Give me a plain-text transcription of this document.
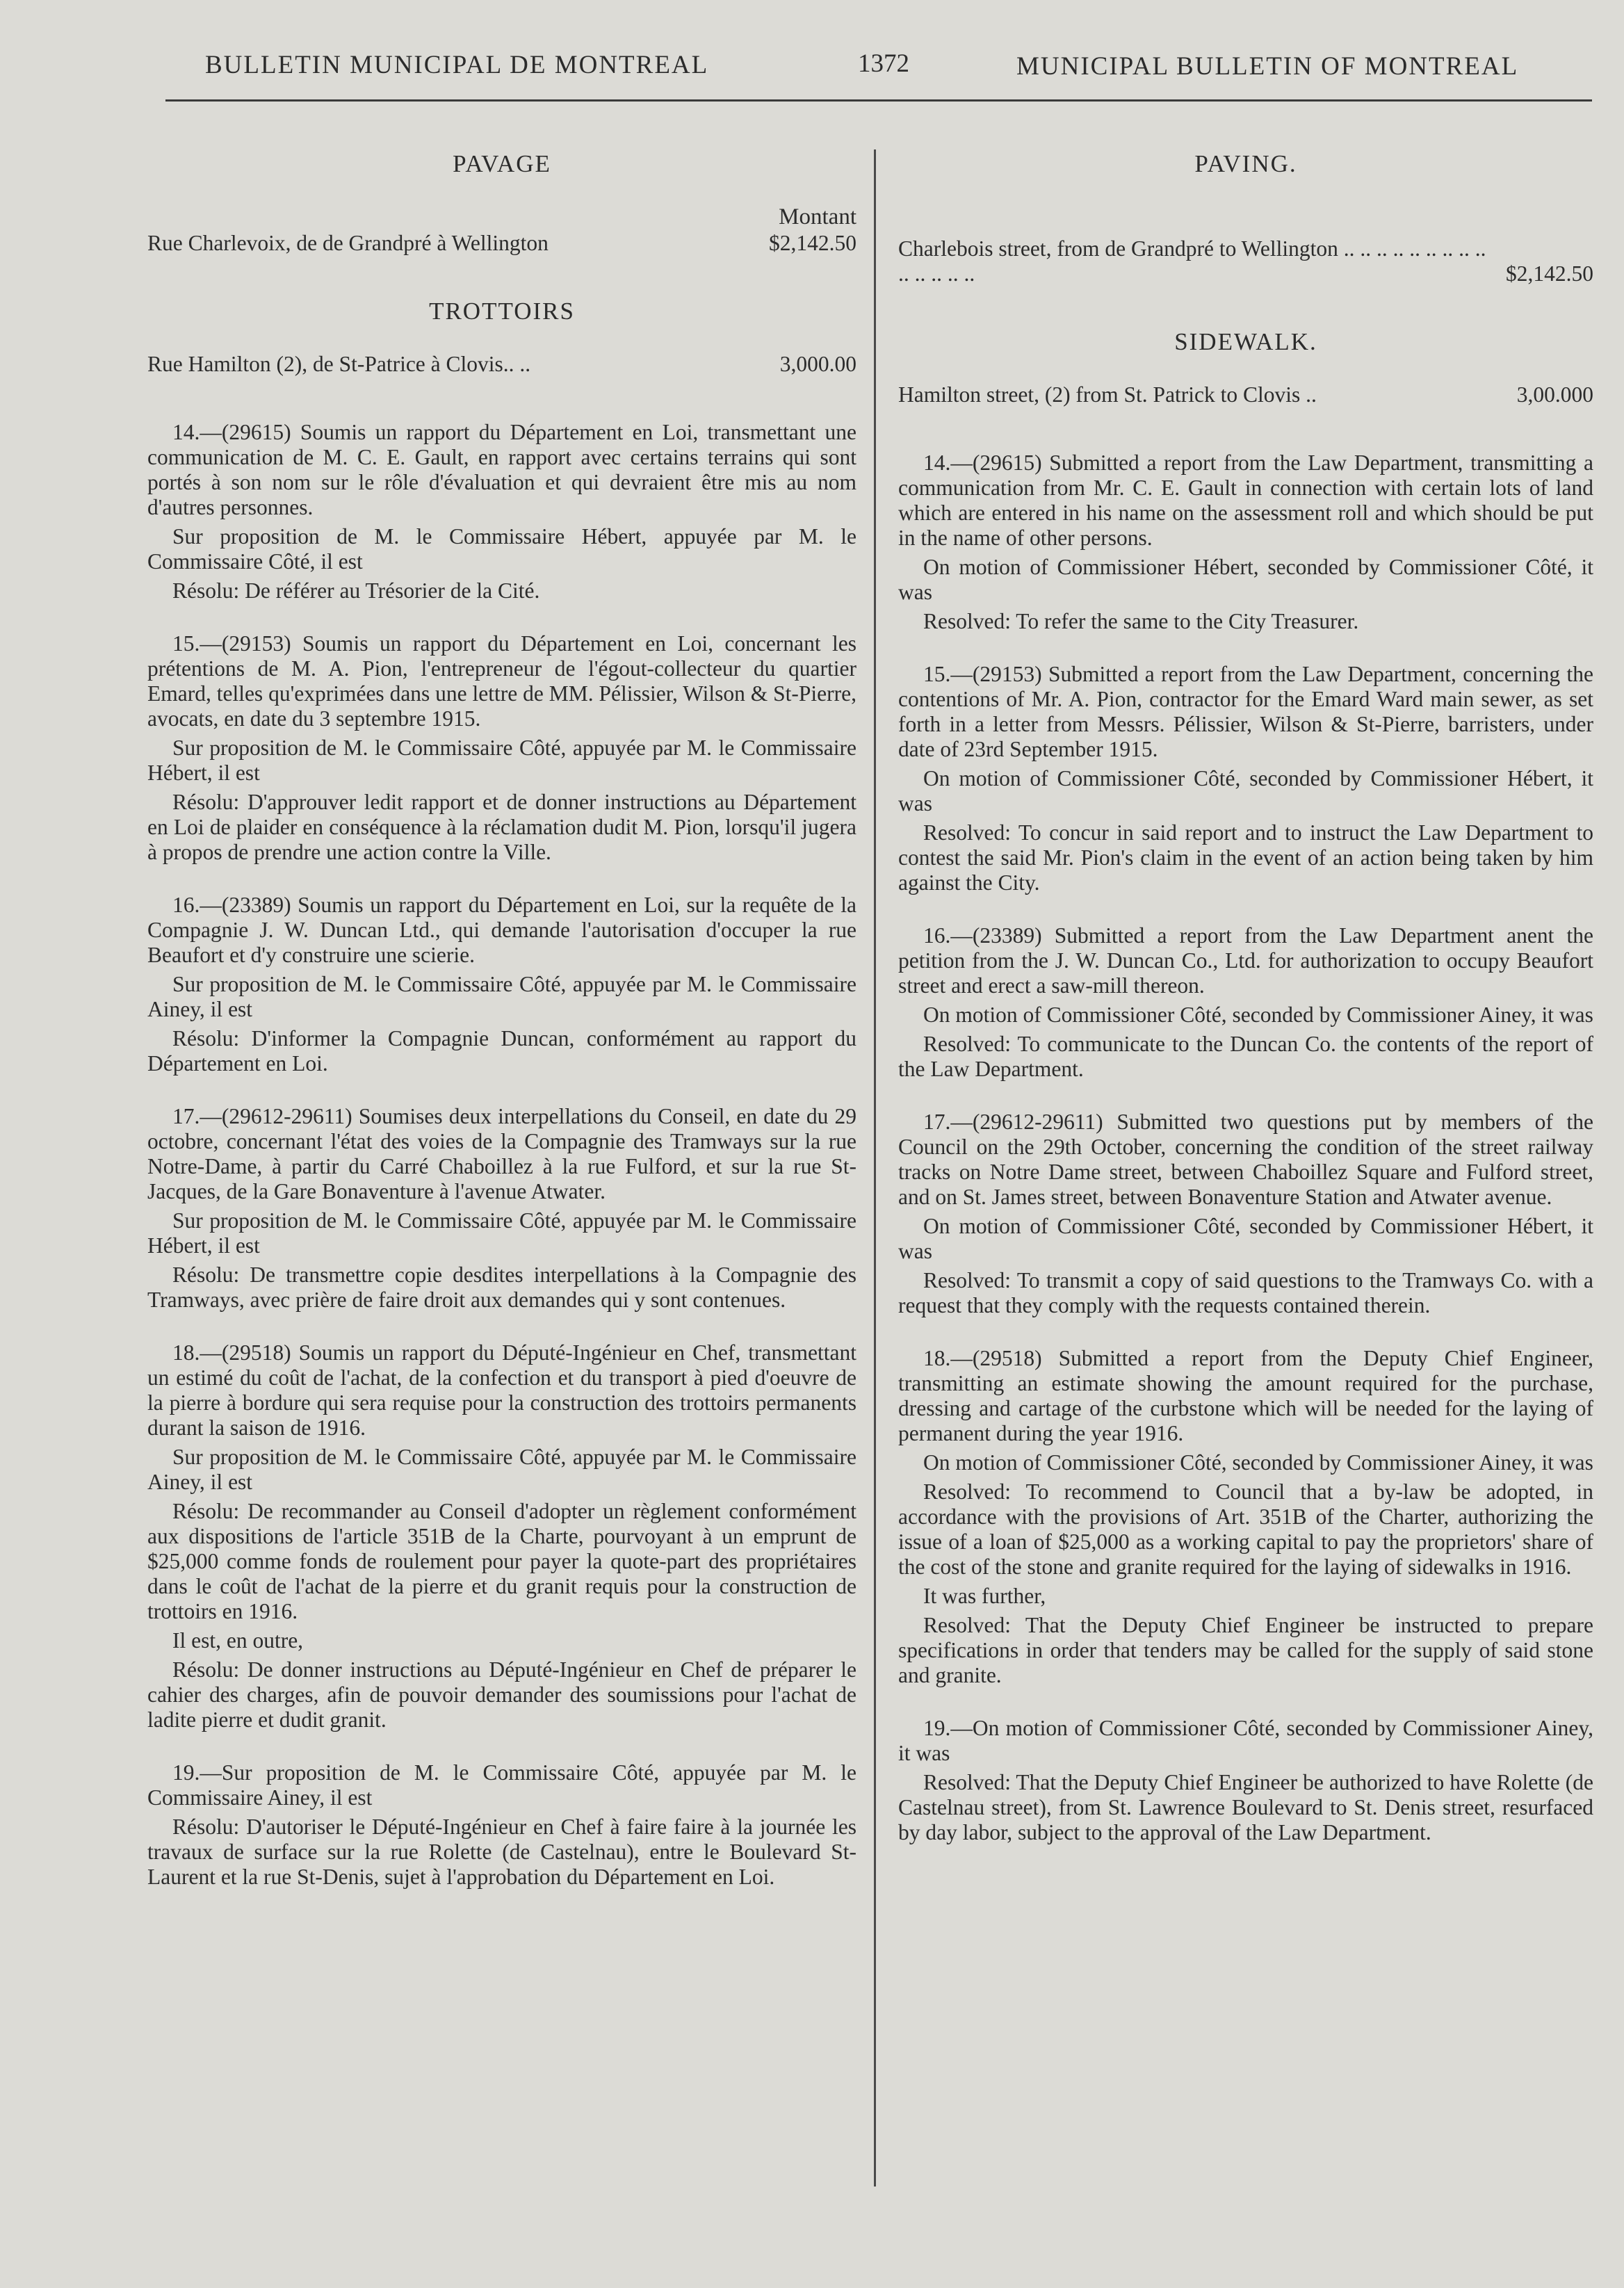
BULLETIN MUNICIPAL DE MONTREAL	1372	MUNICIPAL BULLETIN OF MONTREAL
PAVAGE
Montant
Rue Charlevoix, de de Grandpré à Wellington	$2,142.50
TROTTOIRS
Rue Hamilton (2), de St-Patrice à Clovis.. ..	3,000.00

14.—(29615) Soumis un rapport du Département en Loi, transmettant une communication de M. C. E. Gault, en rapport avec certains terrains qui sont portés à son nom sur le rôle d'évaluation et qui devraient être mis au nom d'autres personnes.

Sur proposition de M. le Commissaire Hébert, appuyée par M. le Commissaire Côté, il est

Résolu: De référer au Trésorier de la Cité.

15.—(29153) Soumis un rapport du Département en Loi, concernant les prétentions de M. A. Pion, l'entrepreneur de l'égout-collecteur du quartier Emard, telles qu'exprimées dans une lettre de MM. Pélissier, Wilson & St-Pierre, avocats, en date du 3 septembre 1915.

Sur proposition de M. le Commissaire Côté, appuyée par M. le Commissaire Hébert, il est

Résolu: D'approuver ledit rapport et de donner instructions au Département en Loi de plaider en conséquence à la réclamation dudit M. Pion, lorsqu'il jugera à propos de prendre une action contre la Ville.

16.—(23389) Soumis un rapport du Département en Loi, sur la requête de la Compagnie J. W. Duncan Ltd., qui demande l'autorisation d'occuper la rue Beaufort et d'y construire une scierie.

Sur proposition de M. le Commissaire Côté, appuyée par M. le Commissaire Ainey, il est

Résolu: D'informer la Compagnie Duncan, conformément au rapport du Département en Loi.

17.—(29612-29611) Soumises deux interpellations du Conseil, en date du 29 octobre, concernant l'état des voies de la Compagnie des Tramways sur la rue Notre-Dame, à partir du Carré Chaboillez à la rue Fulford, et sur la rue St-Jacques, de la Gare Bonaventure à l'avenue Atwater.

Sur proposition de M. le Commissaire Côté, appuyée par M. le Commissaire Hébert, il est

Résolu: De transmettre copie desdites interpellations à la Compagnie des Tramways, avec prière de faire droit aux demandes qui y sont contenues.

18.—(29518) Soumis un rapport du Député-Ingénieur en Chef, transmettant un estimé du coût de l'achat, de la confection et du transport à pied d'oeuvre de la pierre à bordure qui sera requise pour la construction des trottoirs permanents durant la saison de 1916.

Sur proposition de M. le Commissaire Côté, appuyée par M. le Commissaire Ainey, il est

Résolu: De recommander au Conseil d'adopter un règlement conformément aux dispositions de l'article 351B de la Charte, pourvoyant à un emprunt de $25,000 comme fonds de roulement pour payer la quote-part des propriétaires dans le coût de l'achat de la pierre et du granit requis pour la construction de trottoirs en 1916.

Il est, en outre,

Résolu: De donner instructions au Député-Ingénieur en Chef de préparer le cahier des charges, afin de pouvoir demander des soumissions pour l'achat de ladite pierre et dudit granit.

19.—Sur proposition de M. le Commissaire Côté, appuyée par M. le Commissaire Ainey, il est

Résolu: D'autoriser le Député-Ingénieur en Chef à faire faire à la journée les travaux de surface sur la rue Rolette (de Castelnau), entre le Boulevard St-Laurent et la rue St-Denis, sujet à l'approbation du Département en Loi.

PAVING.
Charlebois street, from de Grandpré to Wellington .. .. .. .. .. .. .. .. .. .. .. .. .. ..	$2,142.50
SIDEWALK.
Hamilton street, (2) from St. Patrick to Clovis ..	3,00.000

14.—(29615) Submitted a report from the Law Department, transmitting a communication from Mr. C. E. Gault in connection with certain lots of land which are entered in his name on the assessment roll and which should be put in the name of other persons.

On motion of Commissioner Hébert, seconded by Commissioner Côté, it was

Resolved: To refer the same to the City Treasurer.

15.—(29153) Submitted a report from the Law Department, concerning the contentions of Mr. A. Pion, contractor for the Emard Ward main sewer, as set forth in a letter from Messrs. Pélissier, Wilson & St-Pierre, barristers, under date of 23rd September 1915.

On motion of Commissioner Côté, seconded by Commissioner Hébert, it was

Resolved: To concur in said report and to instruct the Law Department to contest the said Mr. Pion's claim in the event of an action being taken by him against the City.

16.—(23389) Submitted a report from the Law Department anent the petition from the J. W. Duncan Co., Ltd. for authorization to occupy Beaufort street and erect a saw-mill thereon.

On motion of Commissioner Côté, seconded by Commissioner Ainey, it was

Resolved: To communicate to the Duncan Co. the contents of the report of the Law Department.

17.—(29612-29611) Submitted two questions put by members of the Council on the 29th October, concerning the condition of the street railway tracks on Notre Dame street, between Chaboillez Square and Fulford street, and on St. James street, between Bonaventure Station and Atwater avenue.

On motion of Commissioner Côté, seconded by Commissioner Hébert, it was

Resolved: To transmit a copy of said questions to the Tramways Co. with a request that they comply with the requests contained therein.

18.—(29518) Submitted a report from the Deputy Chief Engineer, transmitting an estimate showing the amount required for the purchase, dressing and cartage of the curbstone which will be needed for the laying of permanent during the year 1916.

On motion of Commissioner Côté, seconded by Commissioner Ainey, it was

Resolved: To recommend to Council that a by-law be adopted, in accordance with the provisions of Art. 351B of the Charter, authorizing the issue of a loan of $25,000 as a working capital to pay the proprietors' share of the cost of the stone and granite required for the laying of sidewalks in 1916.

It was further,

Resolved: That the Deputy Chief Engineer be instructed to prepare specifications in order that tenders may be called for the supply of said stone and granite.

19.—On motion of Commissioner Côté, seconded by Commissioner Ainey, it was

Resolved: That the Deputy Chief Engineer be authorized to have Rolette (de Castelnau street), from St. Lawrence Boulevard to St. Denis street, resurfaced by day labor, subject to the approval of the Law Department.
